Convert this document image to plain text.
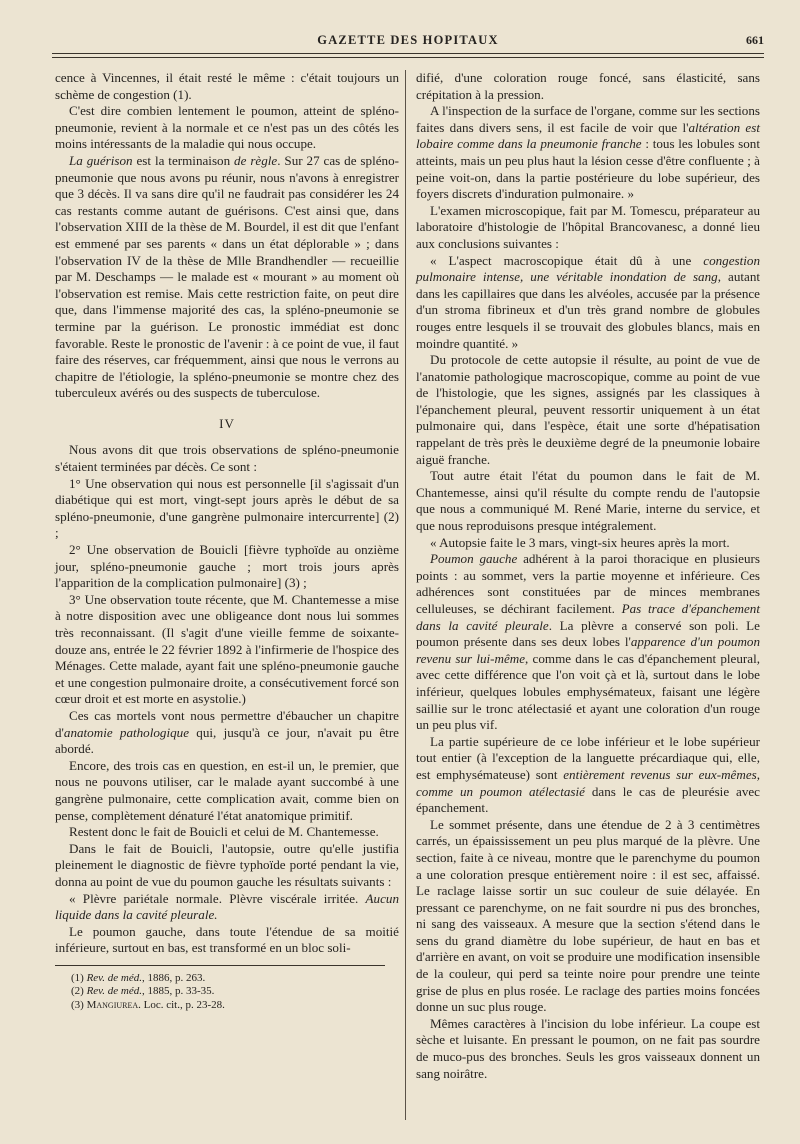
GAZETTE DES HOPITAUX	661

cence à Vincennes, il était resté le même : c'était toujours un schème de congestion (1).

C'est dire combien lentement le poumon, atteint de spléno-pneumonie, revient à la normale et ce n'est pas un des côtés les moins intéressants de la maladie qui nous occupe.

La guérison est la terminaison de règle. Sur 27 cas de spléno-pneumonie que nous avons pu réunir, nous n'avons à enregistrer que 3 décès. Il va sans dire qu'il ne faudrait pas considérer les 24 cas restants comme autant de guérisons. C'est ainsi que, dans l'observation XIII de la thèse de M. Bourdel, il est dit que l'enfant est emmené par ses parents « dans un état déplorable » ; dans l'observation IV de la thèse de Mlle Brandhendler — recueillie par M. Deschamps — le malade est « mourant » au moment où l'observation est remise. Mais cette restriction faite, on peut dire que, dans l'immense majorité des cas, la spléno-pneumonie se termine par la guérison. Le pronostic immédiat est donc favorable. Reste le pronostic de l'avenir : à ce point de vue, il faut faire des réserves, car fréquemment, ainsi que nous le verrons au chapitre de l'étiologie, la spléno-pneumonie se montre chez des tuberculeux avérés ou des suspects de tuberculose.

IV

Nous avons dit que trois observations de spléno-pneumonie s'étaient terminées par décès. Ce sont :

1° Une observation qui nous est personnelle [il s'agissait d'un diabétique qui est mort, vingt-sept jours après le début de sa spléno-pneumonie, d'une gangrène pulmonaire intercurrente] (2) ;

2° Une observation de Bouicli [fièvre typhoïde au onzième jour, spléno-pneumonie gauche ; mort trois jours après l'apparition de la complication pulmonaire] (3) ;

3° Une observation toute récente, que M. Chantemesse a mise à notre disposition avec une obligeance dont nous lui sommes très reconnaissant. (Il s'agit d'une vieille femme de soixante-douze ans, entrée le 22 février 1892 à l'infirmerie de l'hospice des Ménages. Cette malade, ayant fait une spléno-pneumonie gauche et une congestion pulmonaire droite, a consécutivement forcé son cœur droit et est morte en asystolie.)

Ces cas mortels vont nous permettre d'ébaucher un chapitre d'anatomie pathologique qui, jusqu'à ce jour, n'avait pu être abordé.

Encore, des trois cas en question, en est-il un, le premier, que nous ne pouvons utiliser, car le malade ayant succombé à une gangrène pulmonaire, cette complication avait, comme bien on pense, complètement dénaturé l'état anatomique primitif.

Restent donc le fait de Bouicli et celui de M. Chantemesse.

Dans le fait de Bouicli, l'autopsie, outre qu'elle justifia pleinement le diagnostic de fièvre typhoïde porté pendant la vie, donna au point de vue du poumon gauche les résultats suivants :

« Plèvre pariétale normale. Plèvre viscérale irritée. Aucun liquide dans la cavité pleurale.

Le poumon gauche, dans toute l'étendue de sa moitié inférieure, surtout en bas, est transformé en un bloc soli-

(1) Rev. de méd., 1886, p. 263.

(2) Rev. de méd., 1885, p. 33-35.

(3) Mangiurea. Loc. cit., p. 23-28.

difié, d'une coloration rouge foncé, sans élasticité, sans crépitation à la pression.

A l'inspection de la surface de l'organe, comme sur les sections faites dans divers sens, il est facile de voir que l'altération est lobaire comme dans la pneumonie franche : tous les lobules sont atteints, mais un peu plus haut la lésion cesse d'être confluente ; à peine voit-on, dans la partie postérieure du lobe supérieur, des foyers discrets d'induration pulmonaire. »

L'examen microscopique, fait par M. Tomescu, préparateur au laboratoire d'histologie de l'hôpital Brancovanesc, a donné lieu aux conclusions suivantes :

« L'aspect macroscopique était dû à une congestion pulmonaire intense, une véritable inondation de sang, autant dans les capillaires que dans les alvéoles, accusée par la présence d'un stroma fibrineux et d'un très grand nombre de globules rouges entre lesquels il se trouvait des globules blancs, mais en moindre quantité. »

Du protocole de cette autopsie il résulte, au point de vue de l'anatomie pathologique macroscopique, comme au point de vue de l'histologie, que les signes, assignés par les classiques à l'épanchement pleural, peuvent ressortir uniquement à un état pulmonaire qui, dans l'espèce, était une sorte d'hépatisation rappelant de très près le deuxième degré de la pneumonie lobaire aiguë franche.

Tout autre était l'état du poumon dans le fait de M. Chantemesse, ainsi qu'il résulte du compte rendu de l'autopsie que nous a communiqué M. René Marie, interne du service, et que nous reproduisons presque intégralement.

« Autopsie faite le 3 mars, vingt-six heures après la mort.

Poumon gauche adhérent à la paroi thoracique en plusieurs points : au sommet, vers la partie moyenne et inférieure. Ces adhérences sont constituées par de minces membranes celluleuses, se déchirant facilement. Pas trace d'épanchement dans la cavité pleurale. La plèvre a conservé son poli. Le poumon présente dans ses deux lobes l'apparence d'un poumon revenu sur lui-même, comme dans le cas d'épanchement pleural, avec cette différence que l'on voit çà et là, surtout dans le lobe inférieur, quelques lobules emphysémateux, faisant une légère saillie sur le tronc atélectasié et ayant une coloration d'un rouge un peu plus vif.

La partie supérieure de ce lobe inférieur et le lobe supérieur tout entier (à l'exception de la languette précardiaque qui, elle, est emphysémateuse) sont entièrement revenus sur eux-mêmes, comme un poumon atélectasié dans le cas de pleurésie avec épanchement.

Le sommet présente, dans une étendue de 2 à 3 centimètres carrés, un épaississement un peu plus marqué de la plèvre. Une section, faite à ce niveau, montre que le parenchyme du poumon a une coloration presque entièrement noire : il est sec, affaissé. Le raclage laisse sortir un suc couleur de suie délayée. En pressant ce parenchyme, on ne fait sourdre ni pus des bronches, ni sang des vaisseaux. A mesure que la section s'étend dans le sens du grand diamètre du lobe supérieur, de haut en bas et d'arrière en avant, on voit se produire une modification insensible de la couleur, qui perd sa teinte noire pour prendre une teinte grise de plus en plus rosée. Le raclage des parties moins foncées donne un suc plus rouge.

Mêmes caractères à l'incision du lobe inférieur. La coupe est sèche et luisante. En pressant le poumon, on ne fait pas sourdre de muco-pus des bronches. Seuls les gros vaisseaux donnent un sang noirâtre.
